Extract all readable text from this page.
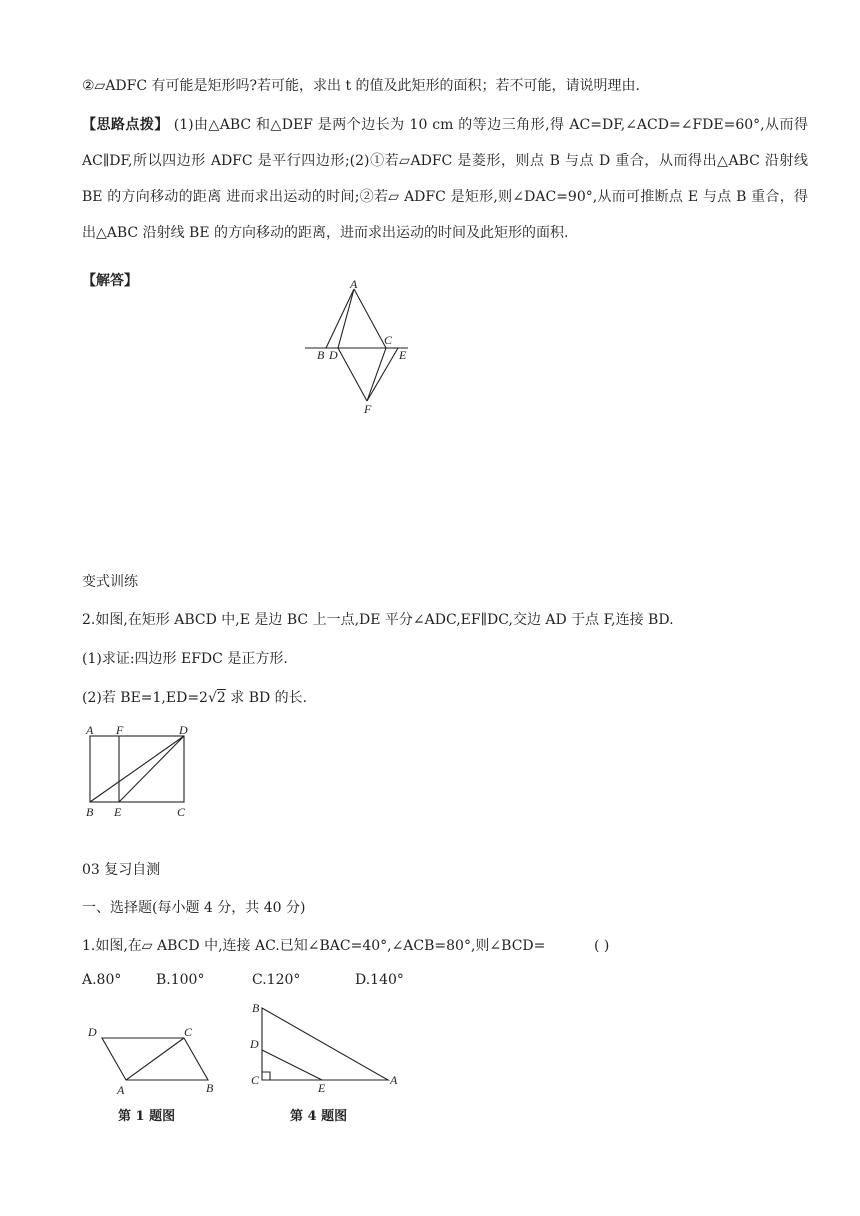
②▱ADFC 有可能是矩形吗?若可能，求出 t 的值及此矩形的面积；若不可能，请说明理由.
【思路点拨】 (1)由△ABC 和△DEF 是两个边长为 10 cm 的等边三角形,得 AC=DF,∠ACD=∠FDE=60°,从而得 AC∥DF,所以四边形 ADFC 是平行四边形;(2)①若▱ADFC 是菱形，则点 B 与点 D 重合，从而得出△ABC 沿射线 BE 的方向移动的距离 进而求出运动的时间;②若▱ ADFC 是矩形,则∠DAC=90°,从而可推断点 E 与点 B 重合，得出△ABC 沿射线 BE 的方向移动的距离，进而求出运动的时间及此矩形的面积.
【解答】	A
B D
C
E
F
变式训练
2.如图,在矩形 ABCD 中,E 是边 BC 上一点,DE 平分∠ADC,EF∥DC,交边 AD 于点 F,连接 BD.
(1)求证:四边形 EFDC 是正方形.
(2)若 BE=1,ED=2√2 求 BD 的长.
A F	D
B E	C
03 复习自测
一、选择题(每小题 4 分，共 40 分)
1.如图,在▱ ABCD 中,连接 AC.已知∠BAC=40°,∠ACB=80°,则∠BCD=	( )
A.80° B.100°	C.120°	D.140°
D	C
A	B
第 1 题图
B
D
C
E
A
第 4 题图
